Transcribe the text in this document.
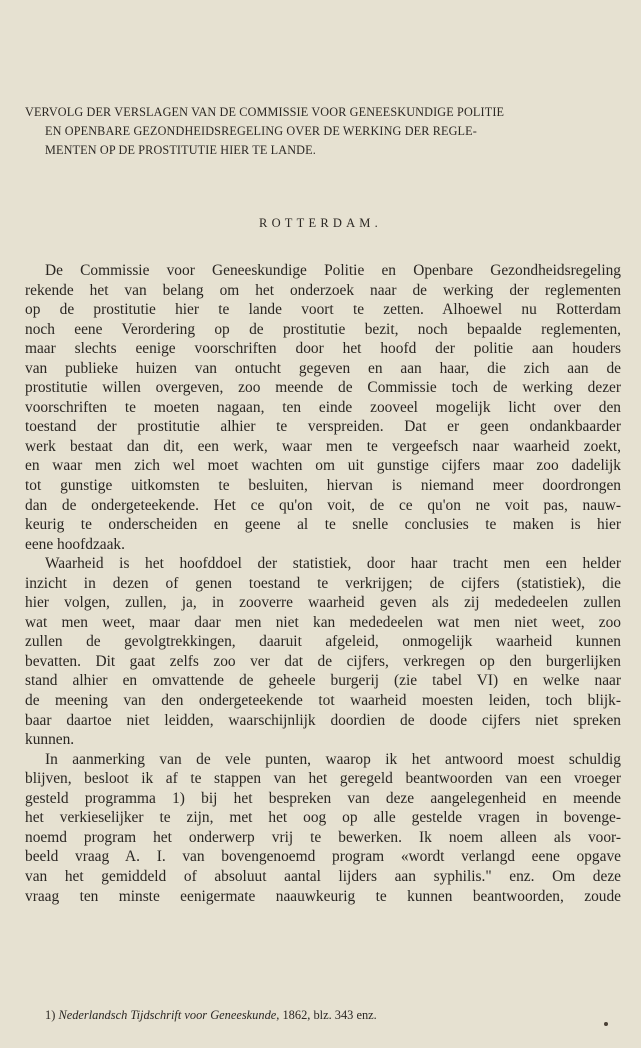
VERVOLG DER VERSLAGEN VAN DE COMMISSIE VOOR GENEESKUNDIGE POLITIE
EN OPENBARE GEZONDHEIDSREGELING OVER DE WERKING DER REGLE-
MENTEN OP DE PROSTITUTIE HIER TE LANDE.
ROTTERDAM.
De Commissie voor Geneeskundige Politie en Openbare Gezondheidsregeling
rekende het van belang om het onderzoek naar de werking der reglementen
op de prostitutie hier te lande voort te zetten. Alhoewel nu Rotterdam
noch eene Verordering op de prostitutie bezit, noch bepaalde reglementen,
maar slechts eenige voorschriften door het hoofd der politie aan houders
van publieke huizen van ontucht gegeven en aan haar, die zich aan de
prostitutie willen overgeven, zoo meende de Commissie toch de werking dezer
voorschriften te moeten nagaan, ten einde zooveel mogelijk licht over den
toestand der prostitutie alhier te verspreiden. Dat er geen ondankbaarder
werk bestaat dan dit, een werk, waar men te vergeefsch naar waarheid zoekt,
en waar men zich wel moet wachten om uit gunstige cijfers maar zoo dadelijk
tot gunstige uitkomsten te besluiten, hiervan is niemand meer doordrongen
dan de ondergeteekende. Het ce qu'on voit, de ce qu'on ne voit pas, nauw-
keurig te onderscheiden en geene al te snelle conclusies te maken is hier
eene hoofdzaak.
Waarheid is het hoofddoel der statistiek, door haar tracht men een helder
inzicht in dezen of genen toestand te verkrijgen; de cijfers (statistiek), die
hier volgen, zullen, ja, in zooverre waarheid geven als zij mededeelen zullen
wat men weet, maar daar men niet kan mededeelen wat men niet weet, zoo
zullen de gevolgtrekkingen, daaruit afgeleid, onmogelijk waarheid kunnen
bevatten. Dit gaat zelfs zoo ver dat de cijfers, verkregen op den burgerlijken
stand alhier en omvattende de geheele burgerij (zie tabel VI) en welke naar
de meening van den ondergeteekende tot waarheid moesten leiden, toch blijk-
baar daartoe niet leidden, waarschijnlijk doordien de doode cijfers niet spreken
kunnen.
In aanmerking van de vele punten, waarop ik het antwoord moest schuldig
blijven, besloot ik af te stappen van het geregeld beantwoorden van een vroeger
gesteld programma 1) bij het bespreken van deze aangelegenheid en meende
het verkieselijker te zijn, met het oog op alle gestelde vragen in bovenge-
noemd program het onderwerp vrij te bewerken. Ik noem alleen als voor-
beeld vraag A. I. van bovengenoemd program «wordt verlangd eene opgave
van het gemiddeld of absoluut aantal lijders aan syphilis." enz. Om deze
vraag ten minste eenigermate naauwkeurig te kunnen beantwoorden, zoude
1) Nederlandsch Tijdschrift voor Geneeskunde, 1862, blz. 343 enz.
